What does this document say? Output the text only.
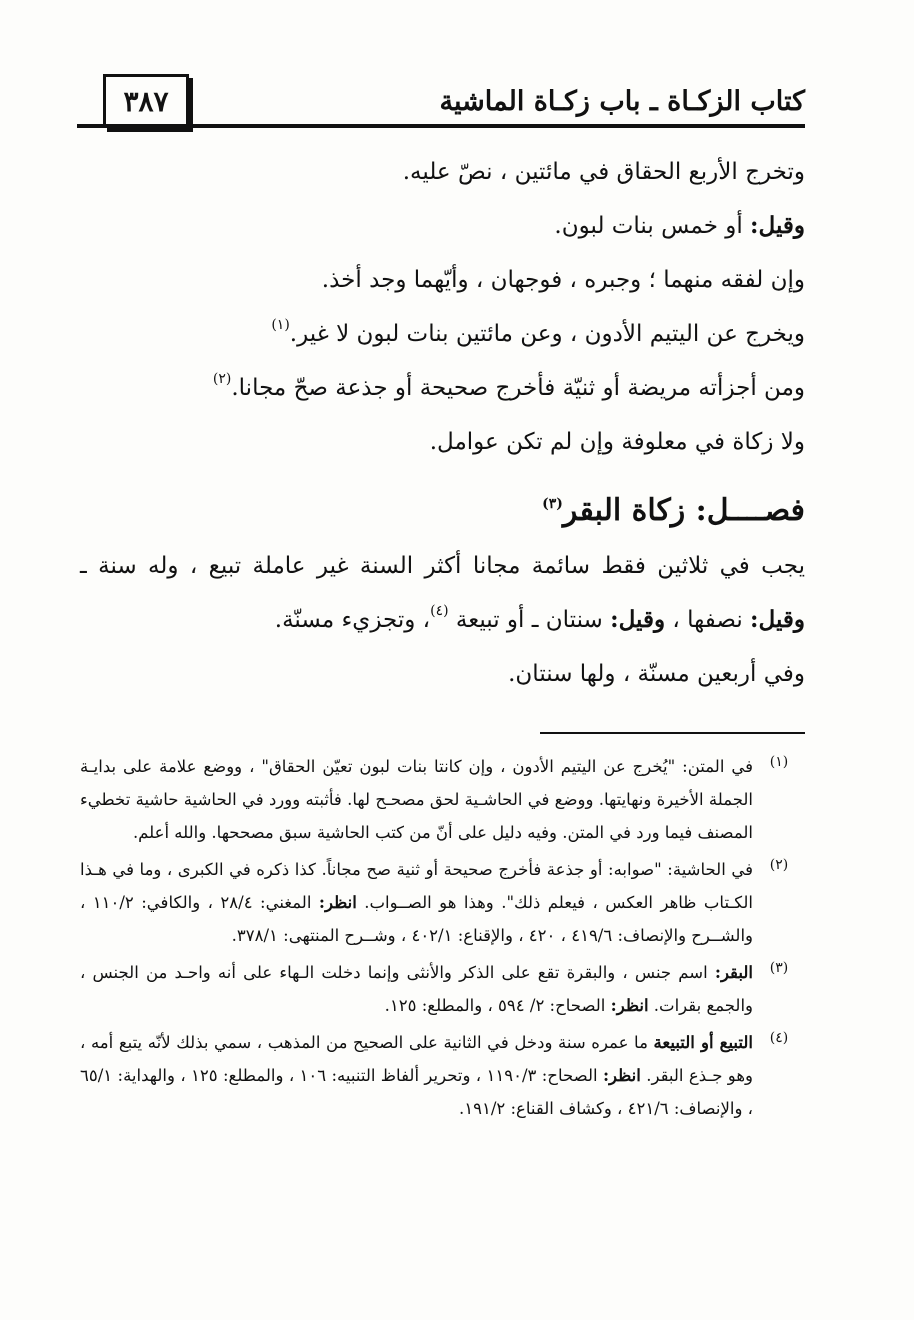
٣٨٧	كتاب الزكـاة ـ باب زكـاة الماشية
وتخرج الأربع الحقاق في مائتين ، نصّ عليه.
وقيل: أو خمس بنات لبون.
وإن لفقه منهما ؛ وجبره ، فوجهان ، وأيّهما وجد أخذ.
ويخرج عن اليتيم الأدون ، وعن مائتين بنات لبون لا غير.$^{(١)}$
ومن أجزأته مريضة أو ثنيّة فأخرج صحيحة أو جذعة صحّ مجانا.$^{(٢)}$
ولا زكاة في معلوفة وإن لم تكن عوامل.
فصــــل: زكاة البقر$^{(٣)}$
يجب في ثلاثين فقط سائمة مجانا أكثر السنة غير عاملة تبيع ، وله سنة ـ وقيل: نصفها ، وقيل: سنتان ـ أو تبيعة $^{(٤)}$، وتجزيء مسنّة.
وفي أربعين مسنّة ، ولها سنتان.
(١)
في المتن: "يُخرج عن اليتيم الأدون ، وإن كانتا بنات لبون تعيّن الحقاق" ، ووضع علامة على بدايـة الجملة الأخيرة ونهايتها. ووضع في الحاشـية لحق مصحـح لها. فأثبته وورد في الحاشية حاشية تخطيء المصنف فيما ورد في المتن. وفيه دليل على أنّ من كتب الحاشية سبق مصححها. والله أعلم.
(٢)
في الحاشية: "صوابه: أو جذعة فأخرج صحيحة أو ثنية صح مجاناً. كذا ذكره في الكبرى ، وما في هـذا الكـتاب ظاهر العكس ، فيعلم ذلك". وهذا هو الصــواب. انظر: المغني: ٢٨/٤ ، والكافي: ١١٠/٢ ، والشــرح والإنصاف: ٤١٩/٦ ، ٤٢٠ ، والإقناع: ٤٠٢/١ ، وشــرح المنتهى: ٣٧٨/١.
(٣)
البقر: اسم جنس ، والبقرة تقع على الذكر والأنثى وإنما دخلت الـهاء على أنه واحـد من الجنس ، والجمع بقرات. انظر: الصحاح: ٢/ ٥٩٤ ، والمطلع: ١٢٥.
(٤)
التبيع أو التبيعة ما عمره سنة ودخل في الثانية على الصحيح من المذهب ، سمي بذلك لأنّه يتبع أمه ، وهو جـذع البقر. انظر: الصحاح: ١١٩٠/٣ ، وتحرير ألفاظ التنبيه: ١٠٦ ، والمطلع: ١٢٥ ، والهداية: ٦٥/١ ، والإنصاف: ٤٢١/٦ ، وكشاف القناع: ١٩١/٢.
